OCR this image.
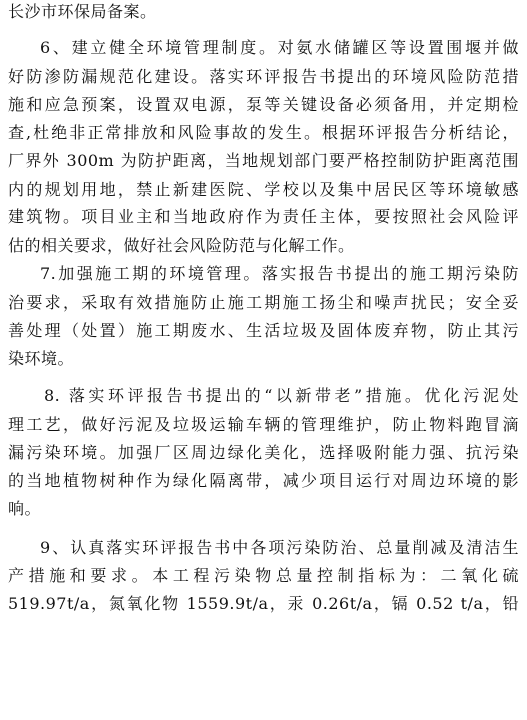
长沙市环保局备案。
6、建立健全环境管理制度。对氨水储罐区等设置围堰并做
好防渗防漏规范化建设。落实环评报告书提出的环境风险防范措
施和应急预案，设置双电源，泵等关键设备必须备用，并定期检
查,杜绝非正常排放和风险事故的发生。根据环评报告分析结论，
厂界外 300m 为防护距离，当地规划部门要严格控制防护距离范围
内的规划用地，禁止新建医院、学校以及集中居民区等环境敏感
建筑物。项目业主和当地政府作为责任主体，要按照社会风险评
估的相关要求，做好社会风险防范与化解工作。
7.加强施工期的环境管理。落实报告书提出的施工期污染防
治要求，采取有效措施防止施工期施工扬尘和噪声扰民；安全妥
善处理（处置）施工期废水、生活垃圾及固体废弃物，防止其污
染环境。
8. 落实环评报告书提出的“以新带老”措施。优化污泥处
理工艺，做好污泥及垃圾运输车辆的管理维护，防止物料跑冒滴
漏污染环境。加强厂区周边绿化美化，选择吸附能力强、抗污染
的当地植物树种作为绿化隔离带，减少项目运行对周边环境的影
响。
9、认真落实环评报告书中各项污染防治、总量削减及清洁生
产措施和要求。本工程污染物总量控制指标为：二氧化硫
519.97t/a，氮氧化物 1559.9t/a，汞 0.26t/a，镉 0.52 t/a，铅
